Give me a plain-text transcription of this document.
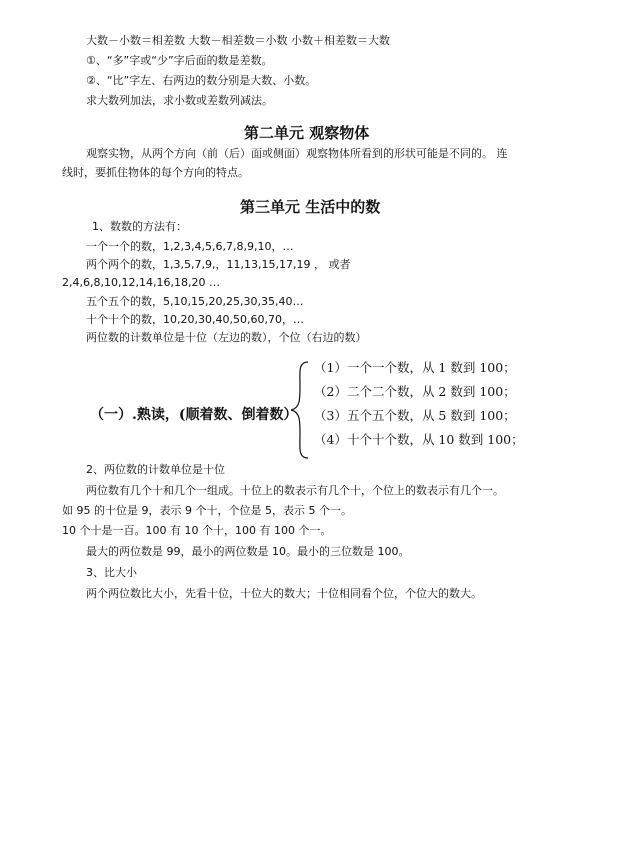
大数－小数＝相差数 大数－相差数＝小数 小数＋相差数＝大数
①、“多”字或“少”字后面的数是差数。
②、“比”字左、右两边的数分别是大数、小数。
求大数列加法，求小数或差数列减法。
第二单元 观察物体
观察实物，从两个方向（前（后）面或侧面）观察物体所看到的形状可能是不同的。 连
线时，要抓住物体的每个方向的特点。
第三单元 生活中的数
1、数数的方法有：
一个一个的数，1,2,3,4,5,6,7,8,9,10，…
两个两个的数，1,3,5,7,9,，11,13,15,17,19 ， 或者
2,4,6,8,10,12,14,16,18,20 …
五个五个的数，5,10,15,20,25,30,35,40…
十个十个的数，10,20,30,40,50,60,70，…
两位数的计数单位是十位（左边的数），个位（右边的数）
（一）.熟读，(顺着数、倒着数）
（1）一个一个数，从 1 数到 100；
（2）二个二个数，从 2 数到 100；
（3）五个五个数，从 5 数到 100；
（4）十个十个数，从 10 数到 100；
2、两位数的计数单位是十位
两位数有几个十和几个一组成。十位上的数表示有几个十，个位上的数表示有几个一。
如 95 的十位是 9，表示 9 个十，个位是 5，表示 5 个一。
10 个十是一百。100 有 10 个十，100 有 100 个一。
最大的两位数是 99，最小的两位数是 10。最小的三位数是 100。
3、比大小
两个两位数比大小，先看十位，十位大的数大；十位相同看个位，个位大的数大。
